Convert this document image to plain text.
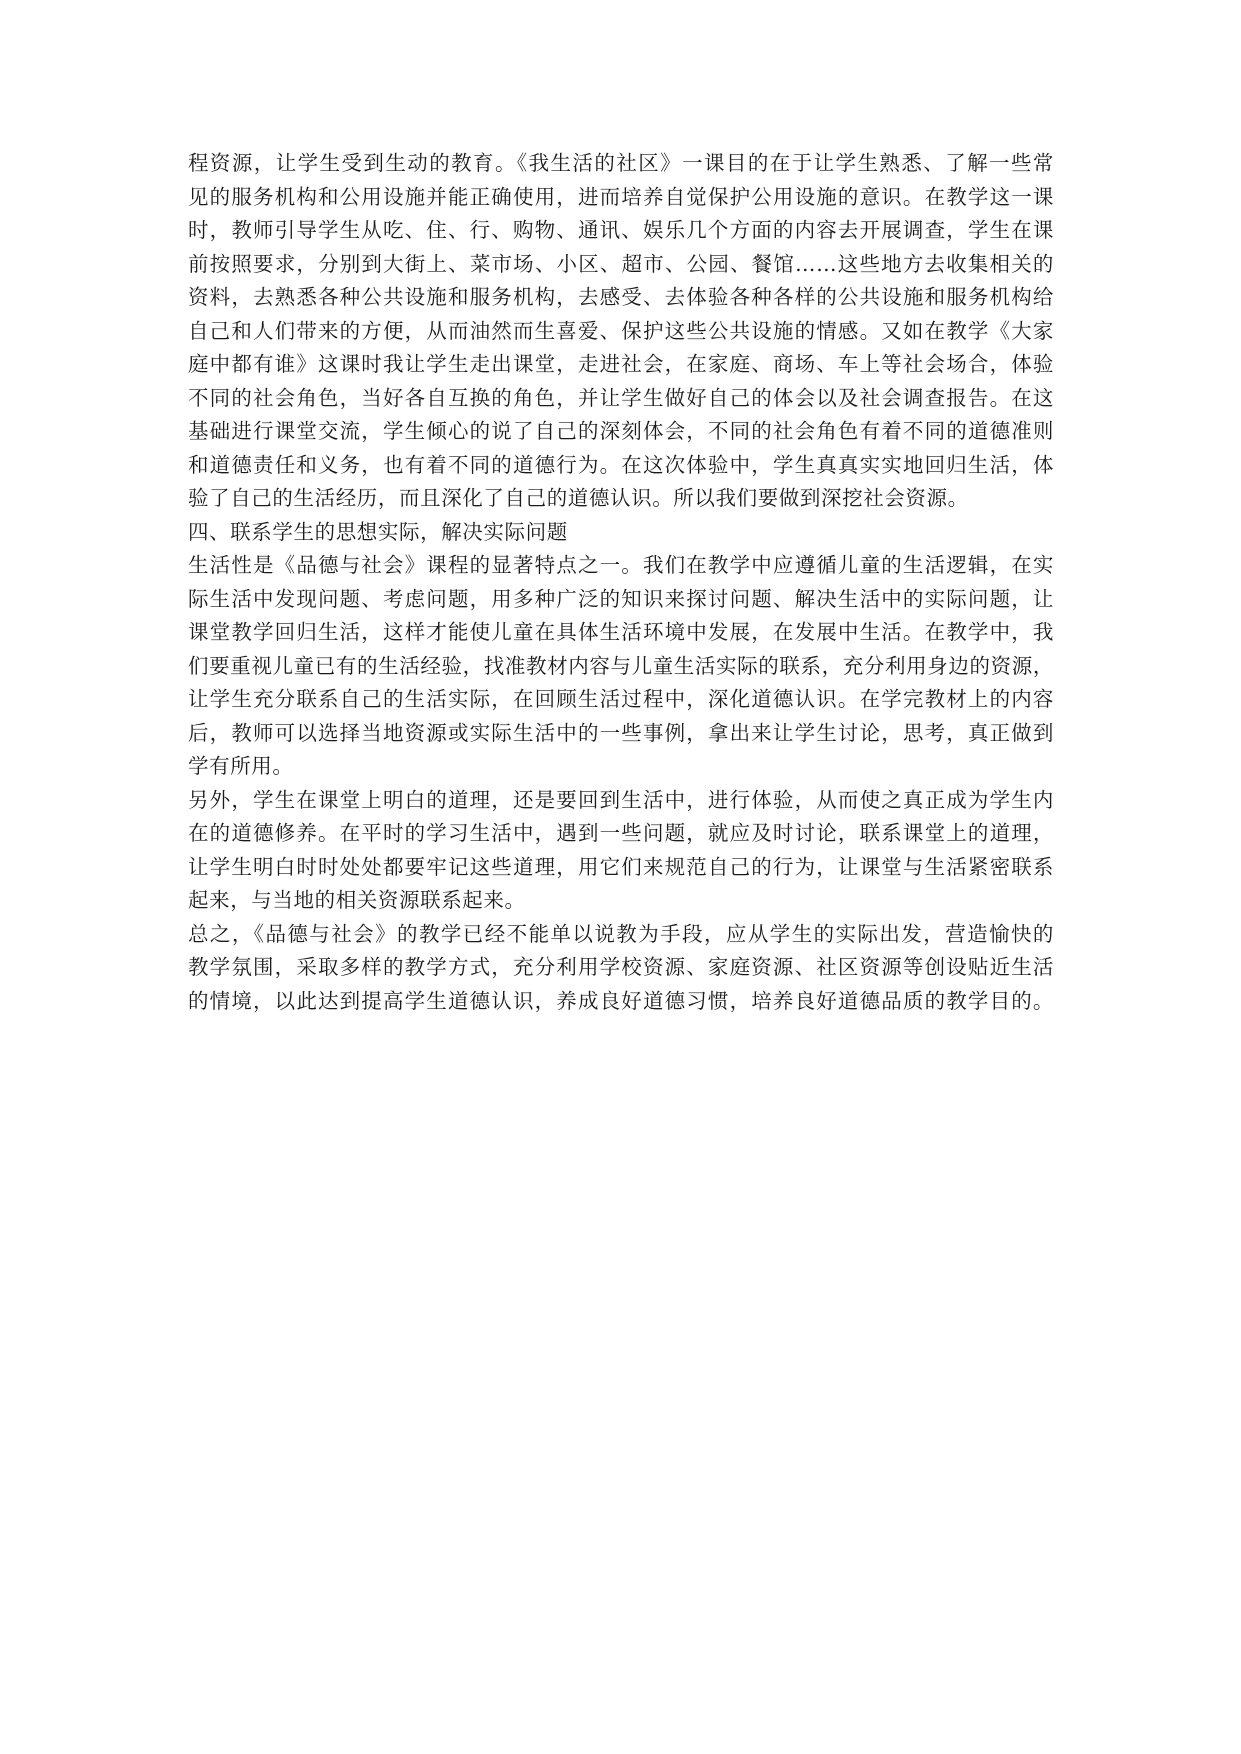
程资源，让学生受到生动的教育。《我生活的社区》一课目的在于让学生熟悉、了解一些常
见的服务机构和公用设施并能正确使用，进而培养自觉保护公用设施的意识。在教学这一课
时，教师引导学生从吃、住、行、购物、通讯、娱乐几个方面的内容去开展调查，学生在课
前按照要求，分别到大街上、菜市场、小区、超市、公园、餐馆……这些地方去收集相关的
资料，去熟悉各种公共设施和服务机构，去感受、去体验各种各样的公共设施和服务机构给
自己和人们带来的方便，从而油然而生喜爱、保护这些公共设施的情感。又如在教学《大家
庭中都有谁》这课时我让学生走出课堂，走进社会，在家庭、商场、车上等社会场合，体验
不同的社会角色，当好各自互换的角色，并让学生做好自己的体会以及社会调查报告。在这
基础进行课堂交流，学生倾心的说了自己的深刻体会，不同的社会角色有着不同的道德准则
和道德责任和义务，也有着不同的道德行为。在这次体验中，学生真真实实地回归生活，体
验了自己的生活经历，而且深化了自己的道德认识。所以我们要做到深挖社会资源。
四、联系学生的思想实际，解决实际问题
生活性是《品德与社会》课程的显著特点之一。我们在教学中应遵循儿童的生活逻辑，在实
际生活中发现问题、考虑问题，用多种广泛的知识来探讨问题、解决生活中的实际问题，让
课堂教学回归生活，这样才能使儿童在具体生活环境中发展，在发展中生活。在教学中，我
们要重视儿童已有的生活经验，找准教材内容与儿童生活实际的联系，充分利用身边的资源，
让学生充分联系自己的生活实际，在回顾生活过程中，深化道德认识。在学完教材上的内容
后，教师可以选择当地资源或实际生活中的一些事例，拿出来让学生讨论，思考，真正做到
学有所用。
另外，学生在课堂上明白的道理，还是要回到生活中，进行体验，从而使之真正成为学生内
在的道德修养。在平时的学习生活中，遇到一些问题，就应及时讨论，联系课堂上的道理，
让学生明白时时处处都要牢记这些道理，用它们来规范自己的行为，让课堂与生活紧密联系
起来，与当地的相关资源联系起来。
总之，《品德与社会》的教学已经不能单以说教为手段，应从学生的实际出发，营造愉快的
教学氛围，采取多样的教学方式，充分利用学校资源、家庭资源、社区资源等创设贴近生活
的情境，以此达到提高学生道德认识，养成良好道德习惯，培养良好道德品质的教学目的。
